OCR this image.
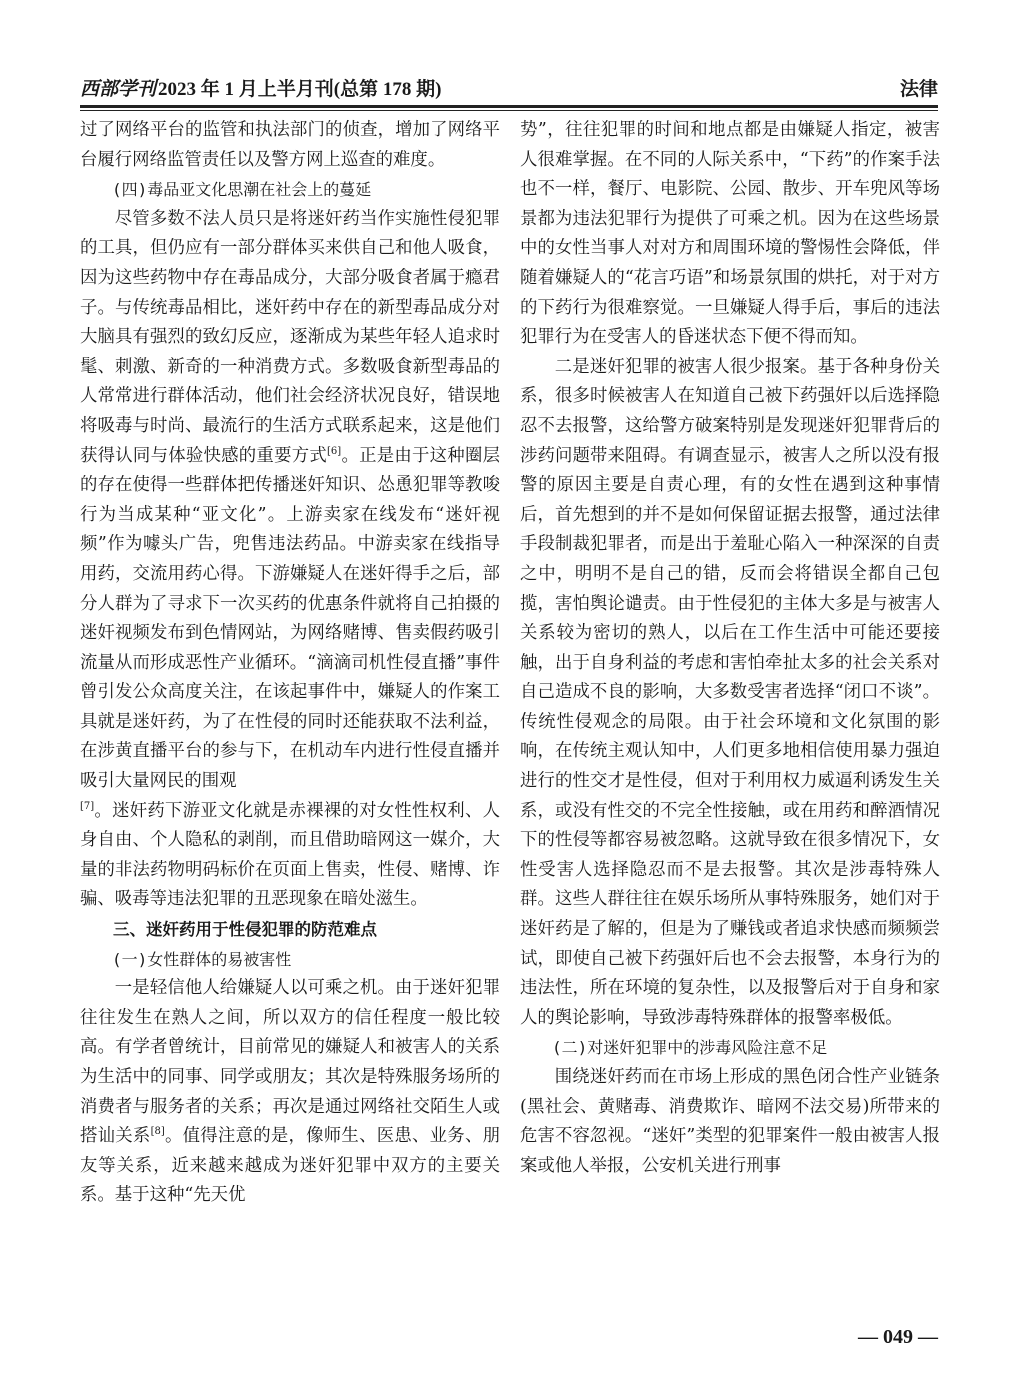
西部学刊 2023 年 1 月上半月刊(总第 178 期)	法律

过了网络平台的监管和执法部门的侦查，增加了网络平台履行网络监管责任以及警方网上巡查的难度。

(四)毒品亚文化思潮在社会上的蔓延

尽管多数不法人员只是将迷奸药当作实施性侵犯罪的工具，但仍应有一部分群体买来供自己和他人吸食，因为这些药物中存在毒品成分，大部分吸食者属于瘾君子。与传统毒品相比，迷奸药中存在的新型毒品成分对大脑具有强烈的致幻反应，逐渐成为某些年轻人追求时髦、刺激、新奇的一种消费方式。多数吸食新型毒品的人常常进行群体活动，他们社会经济状况良好，错误地将吸毒与时尚、最流行的生活方式联系起来，这是他们获得认同与体验快感的重要方式[6]。正是由于这种圈层的存在使得一些群体把传播迷奸知识、怂恿犯罪等教唆行为当成某种“亚文化”。上游卖家在线发布“迷奸视频”作为噱头广告，兜售违法药品。中游卖家在线指导用药，交流用药心得。下游嫌疑人在迷奸得手之后，部分人群为了寻求下一次买药的优惠条件就将自己拍摄的迷奸视频发布到色情网站，为网络赌博、售卖假药吸引流量从而形成恶性产业循环。“滴滴司机性侵直播”事件曾引发公众高度关注，在该起事件中，嫌疑人的作案工具就是迷奸药，为了在性侵的同时还能获取不法利益，在涉黄直播平台的参与下，在机动车内进行性侵直播并吸引大量网民的围观

[7]。迷奸药下游亚文化就是赤裸裸的对女性性权利、人身自由、个人隐私的剥削，而且借助暗网这一媒介，大量的非法药物明码标价在页面上售卖，性侵、赌博、诈骗、吸毒等违法犯罪的丑恶现象在暗处滋生。

三、迷奸药用于性侵犯罪的防范难点

(一)女性群体的易被害性

一是轻信他人给嫌疑人以可乘之机。由于迷奸犯罪往往发生在熟人之间，所以双方的信任程度一般比较高。有学者曾统计，目前常见的嫌疑人和被害人的关系为生活中的同事、同学或朋友；其次是特殊服务场所的消费者与服务者的关系；再次是通过网络社交陌生人或搭讪关系[8]。值得注意的是，像师生、医患、业务、朋友等关系，近来越来越成为迷奸犯罪中双方的主要关系。基于这种“先天优

势”，往往犯罪的时间和地点都是由嫌疑人指定，被害人很难掌握。在不同的人际关系中，“下药”的作案手法也不一样，餐厅、电影院、公园、散步、开车兜风等场景都为违法犯罪行为提供了可乘之机。因为在这些场景中的女性当事人对对方和周围环境的警惕性会降低，伴随着嫌疑人的“花言巧语”和场景氛围的烘托，对于对方的下药行为很难察觉。一旦嫌疑人得手后，事后的违法犯罪行为在受害人的昏迷状态下便不得而知。

二是迷奸犯罪的被害人很少报案。基于各种身份关系，很多时候被害人在知道自己被下药强奸以后选择隐忍不去报警，这给警方破案特别是发现迷奸犯罪背后的涉药问题带来阻碍。有调查显示，被害人之所以没有报警的原因主要是自责心理，有的女性在遇到这种事情后，首先想到的并不是如何保留证据去报警，通过法律手段制裁犯罪者，而是出于羞耻心陷入一种深深的自责之中，明明不是自己的错，反而会将错误全都自己包揽，害怕舆论谴责。由于性侵犯的主体大多是与被害人关系较为密切的熟人，以后在工作生活中可能还要接触，出于自身利益的考虑和害怕牵扯太多的社会关系对自己造成不良的影响，大多数受害者选择“闭口不谈”。传统性侵观念的局限。由于社会环境和文化氛围的影响，在传统主观认知中，人们更多地相信使用暴力强迫进行的性交才是性侵，但对于利用权力威逼利诱发生关系，或没有性交的不完全性接触，或在用药和醉酒情况下的性侵等都容易被忽略。这就导致在很多情况下，女性受害人选择隐忍而不是去报警。其次是涉毒特殊人群。这些人群往往在娱乐场所从事特殊服务，她们对于迷奸药是了解的，但是为了赚钱或者追求快感而频频尝试，即使自己被下药强奸后也不会去报警，本身行为的违法性，所在环境的复杂性，以及报警后对于自身和家人的舆论影响，导致涉毒特殊群体的报警率极低。

(二)对迷奸犯罪中的涉毒风险注意不足

围绕迷奸药而在市场上形成的黑色闭合性产业链条(黑社会、黄赌毒、消费欺诈、暗网不法交易)所带来的危害不容忽视。“迷奸”类型的犯罪案件一般由被害人报案或他人举报，公安机关进行刑事

— 049 —
